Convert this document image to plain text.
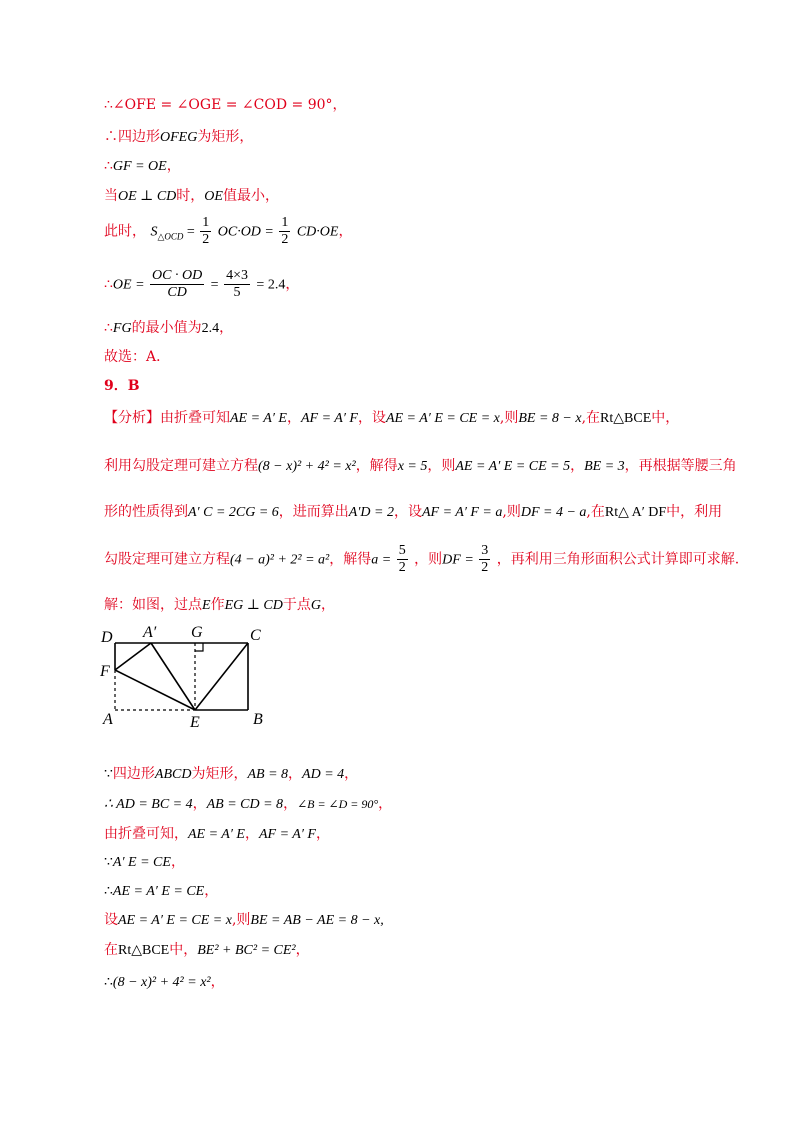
∴∠OFE = ∠OGE = ∠COD = 90°，
∴四边形OFEG为矩形，
∴GF = OE，
当OE ⊥ CD时，OE值最小，
此时， $S_{\triangle OCD} = \frac{1}{2} OC\cdot OD = \frac{1}{2} CD\cdot OE$，
∴OE = $\frac{OC \cdot OD}{CD} = \frac{4\times 3}{5} = 2.4$，
∴FG的最小值为2.4，
故选：A．
9．B
【分析】由折叠可知AE = A′ E，AF = A′ F，设AE = A′ E = CE = x,则BE = 8 − x,在Rt△BCE中，
利用勾股定理可建立方程(8 − x)² + 4² = x²，解得x = 5，则AE = A′ E = CE = 5，BE = 3，再根据等腰三角
形的性质得到A′ C = 2CG = 6，进而算出A′D = 2，设AF = A′ F = a,则DF = 4 − a,在Rt△ A′ DF中，利用
勾股定理可建立方程(4 − a)² + 2² = a²，解得$a = \frac{5}{2}$ ，则DF = $\frac{3}{2}$ ，再利用三角形面积公式计算即可求解.
解：如图，过点E作EG ⊥ CD于点G，
D A′ G	C
F
A	E	B
∵四边形ABCD为矩形，AB = 8，AD = 4，
∴ AD = BC = 4，AB = CD = 8，∠B = ∠D = 90°，
由折叠可知，AE = A′ E，AF = A′ F，
∵A′ E = CE，
∴AE = A′ E = CE，
设AE = A′ E = CE = x,则BE = AB − AE = 8 − x,
在Rt△BCE中，BE² + BC² = CE²，
∴(8 − x)² + 4² = x²，
